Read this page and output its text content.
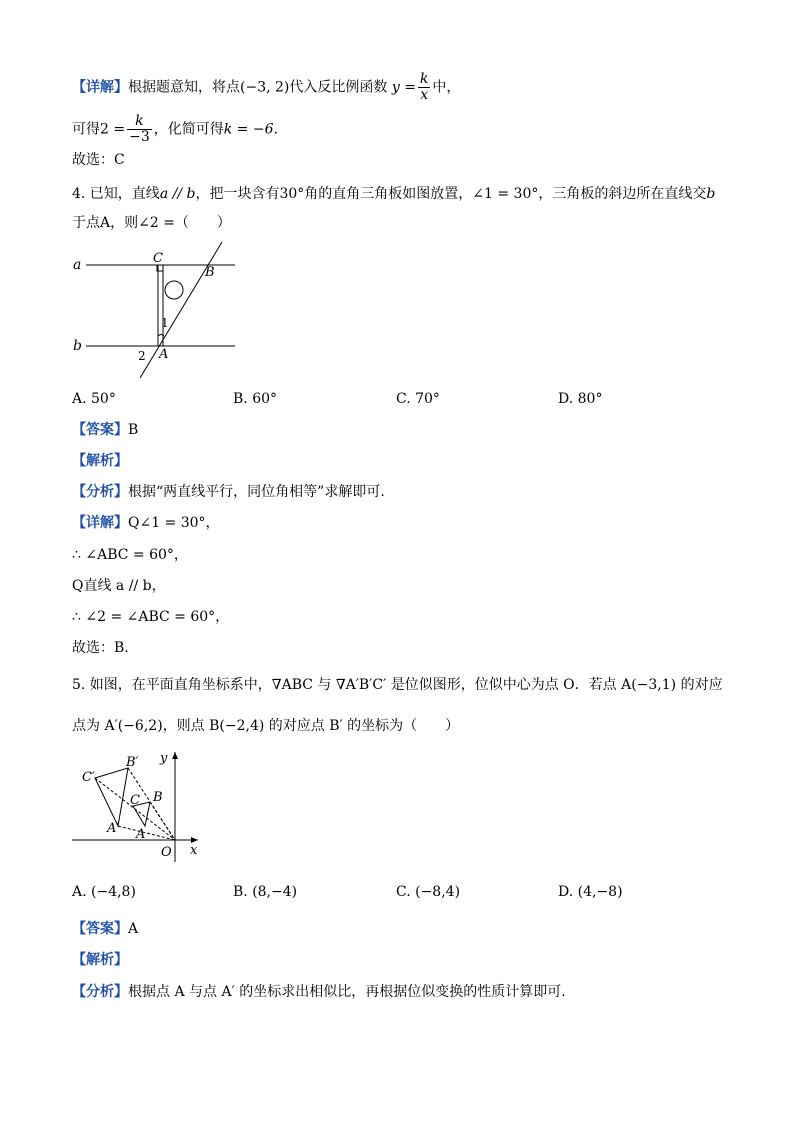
【详解】根据题意知，将点(−3, 2)代入反比例函数 $y = \frac{k}{x}$ 中，
可得$2 = \frac{k}{-3}$ ，化简可得k = −6.
故选：C
4. 已知，直线a // b，把一块含有30°角的直角三角板如图放置，∠1 = 30°，三角板的斜边所在直线交b
于点A，则∠2 =（　　）
a
b
C
B
A
1
2
y
x
O
C′
B′
A′
C B
A
A. 50°	B. 60°	C. 70°	D. 80°
【答案】B
【解析】
【分析】根据“两直线平行，同位角相等”求解即可.
【详解】Q∠1 = 30°，
∴ ∠ABC = 60°，
Q直线 a // b，
∴ ∠2 = ∠ABC = 60°，
故选：B.
5. 如图，在平面直角坐标系中，∇ABC 与 ∇A′B′C′ 是位似图形，位似中心为点 O．若点 A(−3,1) 的对应
点为 A′(−6,2)，则点 B(−2,4) 的对应点 B′ 的坐标为（　　）
A. (−4,8)	B. (8,−4)	C. (−8,4)	D. (4,−8)
【答案】A
【解析】
【分析】根据点 A 与点 A′ 的坐标求出相似比，再根据位似变换的性质计算即可.
